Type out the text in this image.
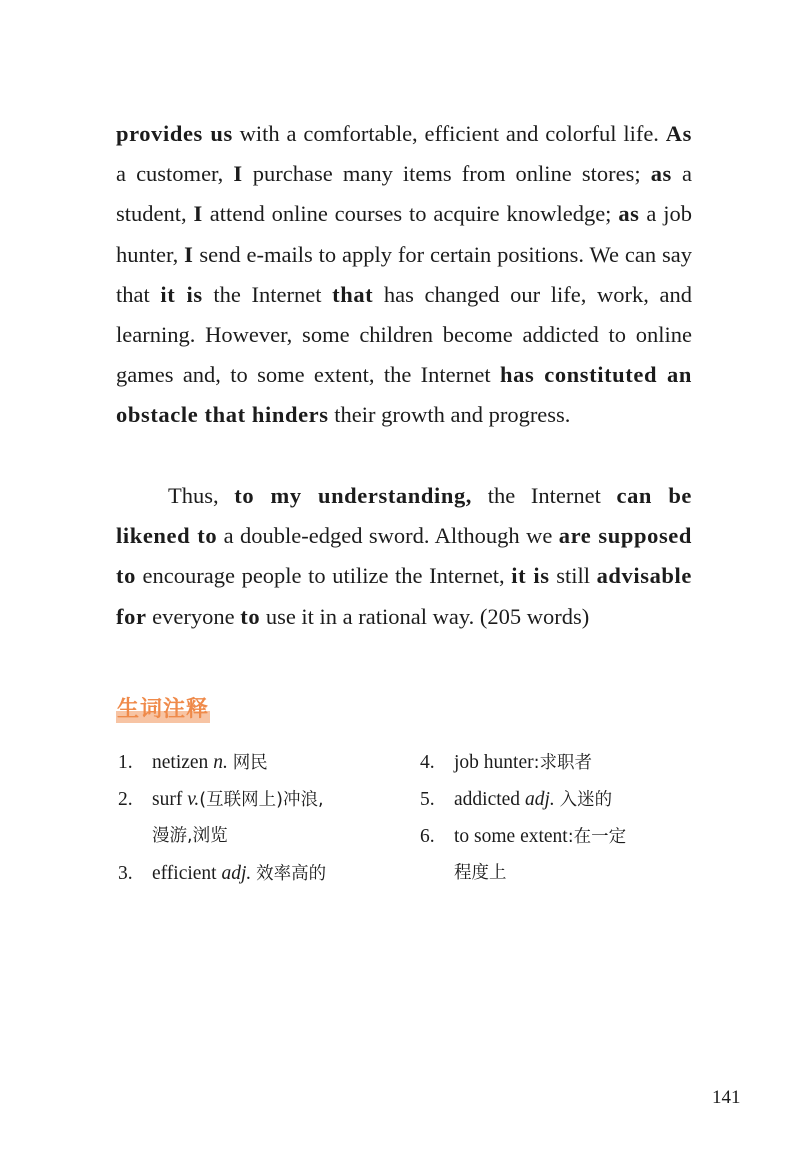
provides us with a comfortable, efficient and colorful life. As a customer, I purchase many items from online stores; as a student, I attend online courses to acquire knowledge; as a job hunter, I send e-mails to apply for certain positions. We can say that it is the Internet that has changed our life, work, and learning. However, some children become addicted to online games and, to some extent, the Internet has constituted an obstacle that hinders their growth and progress.

Thus, to my understanding, the Internet can be likened to a double-edged sword. Although we are supposed to encourage people to utilize the Internet, it is still advisable for everyone to use it in a rational way. (205 words)

生词注释
1. netizen n. 网民
2. surf v.(互联网上)冲浪,
漫游,浏览
3. efficient adj. 效率高的
4. job hunter:求职者
5. addicted adj. 入迷的
6. to some extent:在一定
程度上
141
